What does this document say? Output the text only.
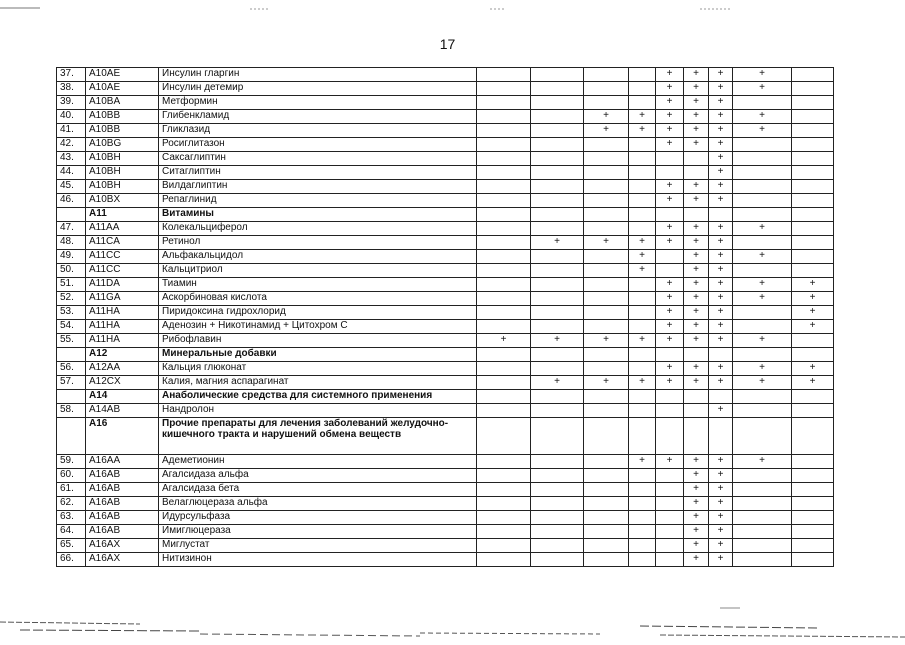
17
37.	A10AE	Инсулин гларгин					+	+	+	+	
38.	A10AE	Инсулин детемир					+	+	+	+	
39.	A10BA	Метформин					+	+	+		
40.	A10BB	Глибенкламид			+	+	+	+	+	+	
41.	A10BB	Гликлазид			+	+	+	+	+	+	
42.	A10BG	Росиглитазон					+	+	+		
43.	A10BH	Саксаглиптин							+		
44.	A10BH	Ситаглиптин							+		
45.	A10BH	Вилдаглиптин					+	+	+		
46.	A10BX	Репаглинид					+	+	+		
	A11	Витамины									
47.	A11AA	Колекальциферол					+	+	+	+	
48.	A11CA	Ретинол		+	+	+	+	+	+		
49.	A11CC	Альфакальцидол				+		+	+	+	
50.	A11CC	Кальцитриол				+		+	+		
51.	A11DA	Тиамин					+	+	+	+	+
52.	A11GA	Аскорбиновая кислота					+	+	+	+	+
53.	A11HA	Пиридоксина гидрохлорид					+	+	+		+
54.	A11HA	Аденозин + Никотинамид + Цитохром С					+	+	+		+
55.	A11HA	Рибофлавин	+	+	+	+	+	+	+	+	
	A12	Минеральные добавки									
56.	A12AA	Кальция глюконат					+	+	+	+	+
57.	A12CX	Калия, магния аспарагинат		+	+	+	+	+	+	+	+
	A14	Анаболические средства для системного применения									
58.	A14AB	Нандролон							+		
	A16	Прочие препараты для лечения заболеваний желудочно-кишечного тракта и нарушений обмена веществ									
59.	A16AA	Адеметионин				+	+	+	+	+	
60.	A16AB	Агалсидаза альфа						+	+		
61.	A16AB	Агалсидаза бета						+	+		
62.	A16AB	Велаглюцераза альфа						+	+		
63.	A16AB	Идурсульфаза						+	+		
64.	A16AB	Имиглюцераза						+	+		
65.	A16AX	Миглустат						+	+		
66.	A16AX	Нитизинон						+	+		
